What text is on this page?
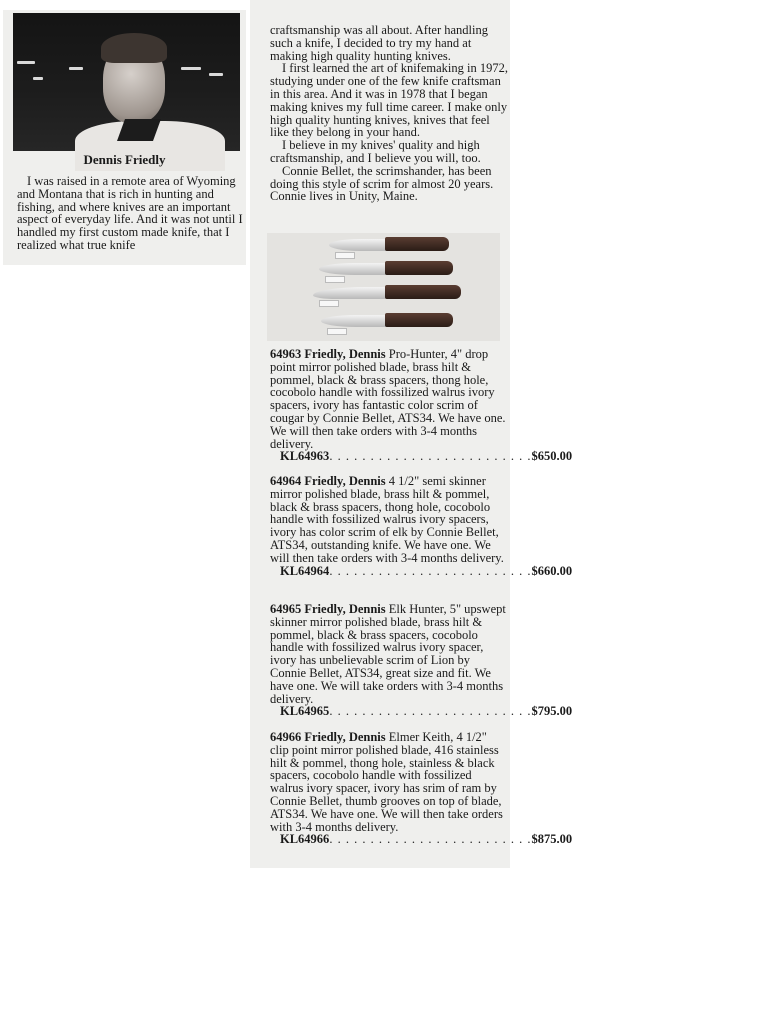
Dennis Friedly

I was raised in a remote area of Wyoming and Montana that is rich in hunting and fishing, and where knives are an important aspect of everyday life. And it was not until I handled my first custom made knife, that I realized what true knife

craftsmanship was all about. After handling such a knife, I decided to try my hand at making high quality hunting knives.

I first learned the art of knifemaking in 1972, studying under one of the few knife craftsman in this area. And it was in 1978 that I began making knives my full time career. I make only high quality hunting knives, knives that feel like they belong in your hand.

I believe in my knives' quality and high craftsmanship, and I believe you will, too.

Connie Bellet, the scrimshander, has been doing this style of scrim for almost 20 years. Connie lives in Unity, Maine.

64963 Friedly, Dennis Pro-Hunter, 4" drop point mirror polished blade, brass hilt & pommel, black & brass spacers, thong hole, cocobolo handle with fossilized walrus ivory spacers, ivory has fantastic color scrim of cougar by Connie Bellet, ATS34. We have one. We will then take orders with 3-4 months delivery.

KL64963 . . . . . . . . . . . . . . . . . . . . . . . . . $650.00

64964 Friedly, Dennis 4 1/2" semi skinner mirror polished blade, brass hilt & pommel, black & brass spacers, thong hole, cocobolo handle with fossilized walrus ivory spacers, ivory has color scrim of elk by Connie Bellet, ATS34, outstanding knife. We have one. We will then take orders with 3-4 months delivery.

KL64964 . . . . . . . . . . . . . . . . . . . . . . . . . $660.00

64965 Friedly, Dennis Elk Hunter, 5" upswept skinner mirror polished blade, brass hilt & pommel, black & brass spacers, cocobolo handle with fossilized walrus ivory spacer, ivory has unbelievable scrim of Lion by Connie Bellet, ATS34, great size and fit. We have one. We will take orders with 3-4 months delivery.

KL64965 . . . . . . . . . . . . . . . . . . . . . . . . . $795.00

64966 Friedly, Dennis Elmer Keith, 4 1/2" clip point mirror polished blade, 416 stainless hilt & pommel, thong hole, stainless & black spacers, cocobolo handle with fossilized walrus ivory spacer, ivory has srim of ram by Connie Bellet, thumb grooves on top of blade, ATS34. We have one. We will then take orders with 3-4 months delivery.

KL64966 . . . . . . . . . . . . . . . . . . . . . . . . . $875.00
